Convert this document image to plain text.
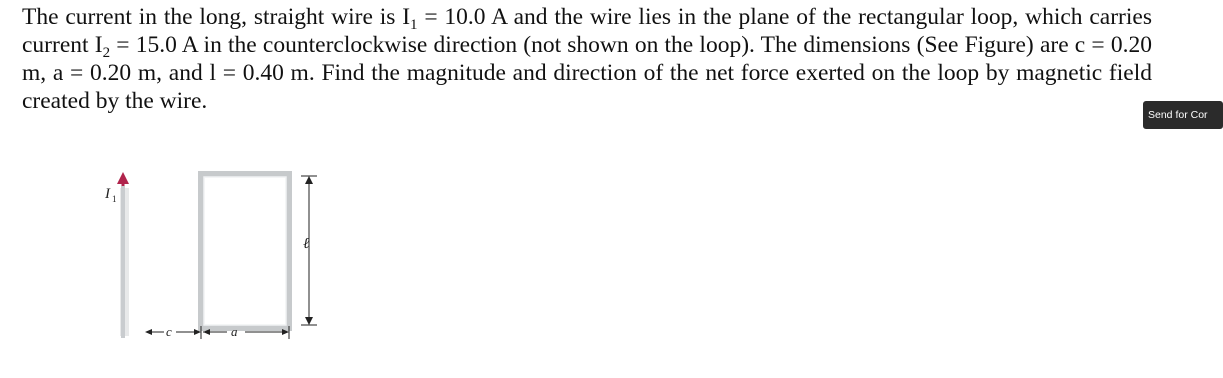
The current in the long, straight wire is $I_1 = 10.0$ A and the wire lies in the plane of the rectangular loop, which carries current $I_2 = 15.0$ A in the counterclockwise direction (not shown on the loop). The dimensions (See Figure) are c = 0.20 m, a = 0.20 m, and l = 0.40 m. Find the magnitude and direction of the net force exerted on the loop by magnetic field created by the wire.

Send for Cor
I 1
ℓ
c	a
